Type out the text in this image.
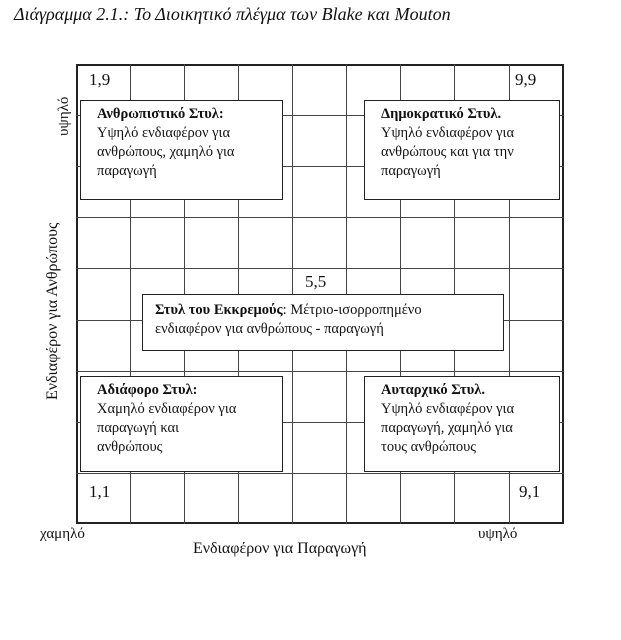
Διάγραμμα 2.1.: Το Διοικητικό πλέγμα των Blake και Mouton
1,9	9,9
5,5
1,1	9,1
Ανθρωπιστικό Στυλ:
Υψηλό ενδιαφέρον για
ανθρώπους, χαμηλό για
παραγωγή
Δημοκρατικό Στυλ.
Υψηλό ενδιαφέρον για
ανθρώπους και για την
παραγωγή
Στυλ του Εκκρεμούς: Μέτριο-ισορροπημένο
ενδιαφέρον για ανθρώπους - παραγωγή
Αδιάφορο Στυλ:
Χαμηλό ενδιαφέρον για
παραγωγή και
ανθρώπους
Αυταρχικό Στυλ.
Υψηλό ενδιαφέρον για
παραγωγή, χαμηλό για
τους ανθρώπους
χαμηλό	υψηλό
Ενδιαφέρον για Παραγωγή
υψηλό
Ενδιαφέρον για Ανθρώπους
